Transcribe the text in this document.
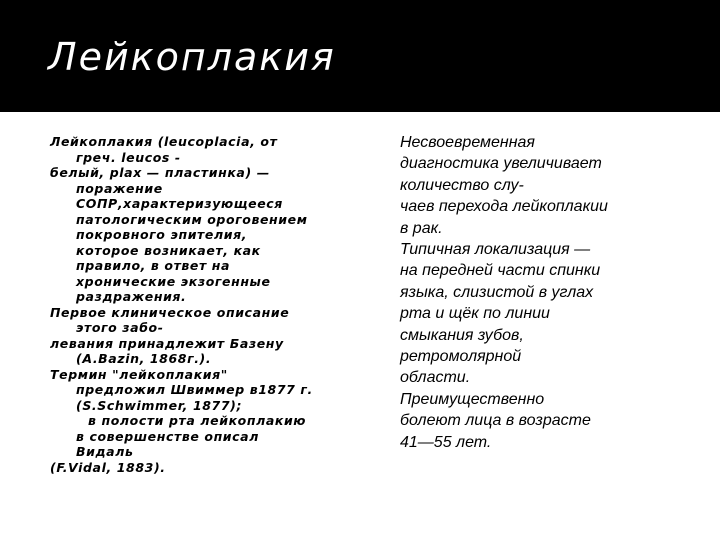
Лейкоплакия
Лейкоплакия (leucoplacia, от
греч. leucos -
белый, plax — пластинка) —
поражение
СОПР,характеризующееся
патологическим ороговением
покровного эпителия,
которое возникает, как
правило, в ответ на
хронические экзогенные
раздражения.
Первое клиническое описание
этого забо-
левания принадлежит Базену
(A.Bazin, 1868г.).
Термин "лейкоплакия"
предложил Швиммер в1877 г.
(S.Schwimmer, 1877);
в полости рта лейкоплакию
в совершенстве описал
Видаль
(F.Vidal, 1883).
Несвоевременная
диагностика увеличивает
количество слу-
чаев перехода лейкоплакии
в рак.
Типичная локализация —
на передней части спинки
языка, слизистой в углах
рта и щёк по линии
смыкания зубов,
ретромолярной
области.
Преимущественно
болеют лица в возрасте
41—55 лет.
